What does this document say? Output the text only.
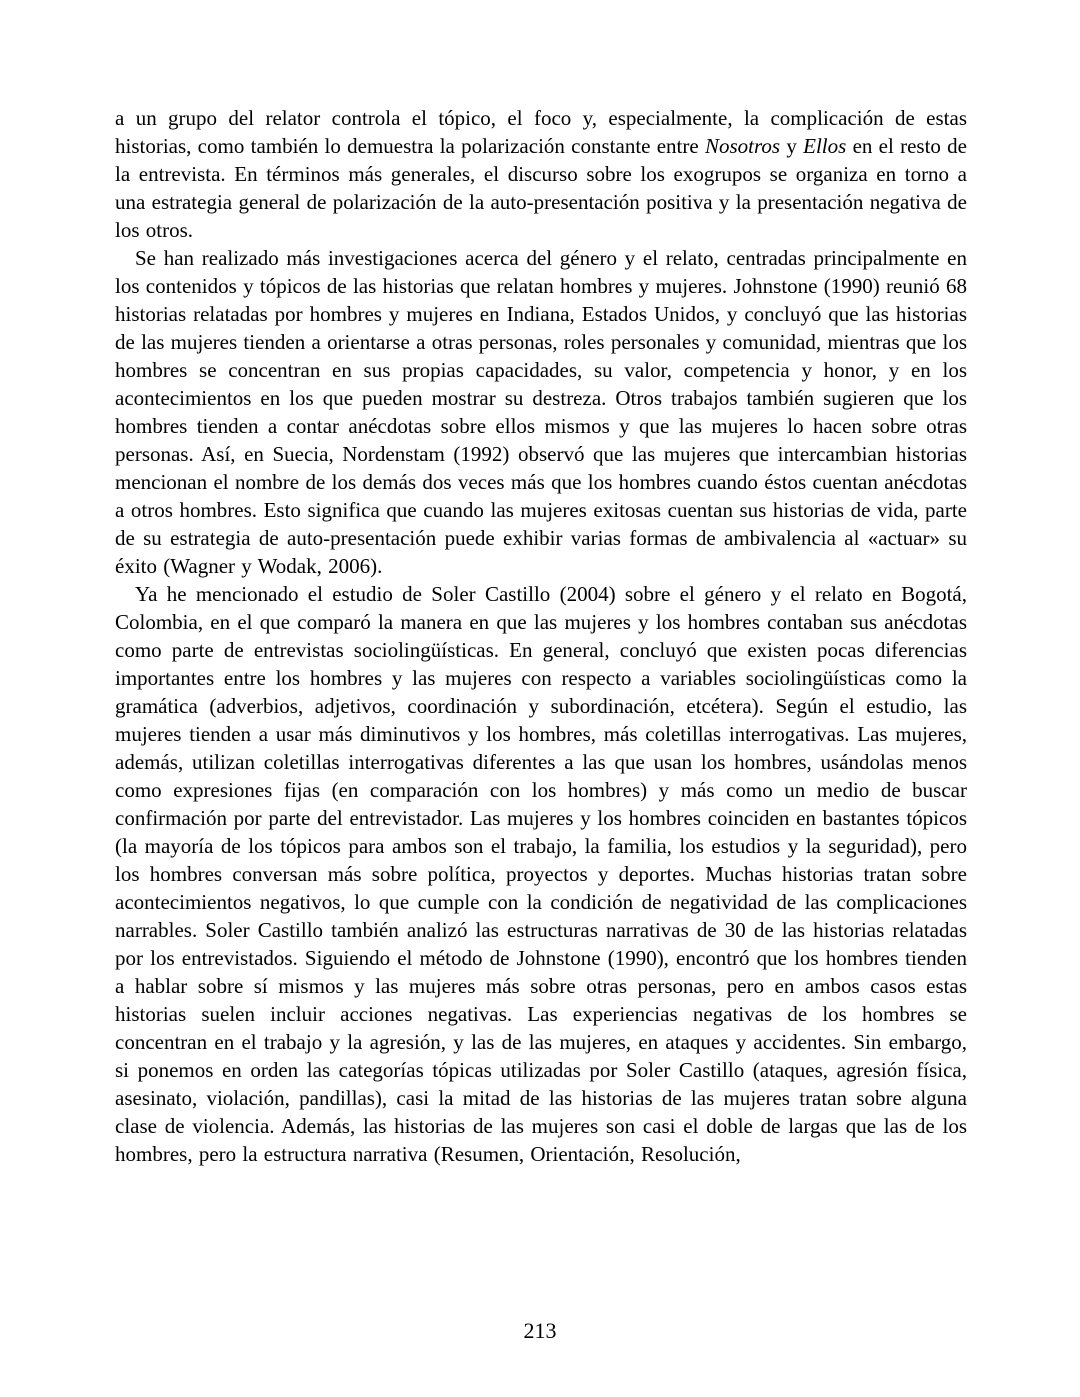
a un grupo del relator controla el tópico, el foco y, especialmente, la complicación de estas historias, como también lo demuestra la polarización constante entre Nosotros y Ellos en el resto de la entrevista. En términos más generales, el discurso sobre los exogrupos se organiza en torno a una estrategia general de polarización de la auto-presentación positiva y la presentación negativa de los otros.

Se han realizado más investigaciones acerca del género y el relato, centradas principalmente en los contenidos y tópicos de las historias que relatan hombres y mujeres. Johnstone (1990) reunió 68 historias relatadas por hombres y mujeres en Indiana, Estados Unidos, y concluyó que las historias de las mujeres tienden a orientarse a otras personas, roles personales y comunidad, mientras que los hombres se concentran en sus propias capacidades, su valor, competencia y honor, y en los acontecimientos en los que pueden mostrar su destreza. Otros trabajos también sugieren que los hombres tienden a contar anécdotas sobre ellos mismos y que las mujeres lo hacen sobre otras personas. Así, en Suecia, Nordenstam (1992) observó que las mujeres que intercambian historias mencionan el nombre de los demás dos veces más que los hombres cuando éstos cuentan anécdotas a otros hombres. Esto significa que cuando las mujeres exitosas cuentan sus historias de vida, parte de su estrategia de auto-presentación puede exhibir varias formas de ambivalencia al «actuar» su éxito (Wagner y Wodak, 2006).

Ya he mencionado el estudio de Soler Castillo (2004) sobre el género y el relato en Bogotá, Colombia, en el que comparó la manera en que las mujeres y los hombres contaban sus anécdotas como parte de entrevistas sociolingüísticas. En general, concluyó que existen pocas diferencias importantes entre los hombres y las mujeres con respecto a variables sociolingüísticas como la gramática (adverbios, adjetivos, coordinación y subordinación, etcétera). Según el estudio, las mujeres tienden a usar más diminutivos y los hombres, más coletillas interrogativas. Las mujeres, además, utilizan coletillas interrogativas diferentes a las que usan los hombres, usándolas menos como expresiones fijas (en comparación con los hombres) y más como un medio de buscar confirmación por parte del entrevistador. Las mujeres y los hombres coinciden en bastantes tópicos (la mayoría de los tópicos para ambos son el trabajo, la familia, los estudios y la seguridad), pero los hombres conversan más sobre política, proyectos y deportes. Muchas historias tratan sobre acontecimientos negativos, lo que cumple con la condición de negatividad de las complicaciones narrables. Soler Castillo también analizó las estructuras narrativas de 30 de las historias relatadas por los entrevistados. Siguiendo el método de Johnstone (1990), encontró que los hombres tienden a hablar sobre sí mismos y las mujeres más sobre otras personas, pero en ambos casos estas historias suelen incluir acciones negativas. Las experiencias negativas de los hombres se concentran en el trabajo y la agresión, y las de las mujeres, en ataques y accidentes. Sin embargo, si ponemos en orden las categorías tópicas utilizadas por Soler Castillo (ataques, agresión física, asesinato, violación, pandillas), casi la mitad de las historias de las mujeres tratan sobre alguna clase de violencia. Además, las historias de las mujeres son casi el doble de largas que las de los hombres, pero la estructura narrativa (Resumen, Orientación, Resolución,

213
